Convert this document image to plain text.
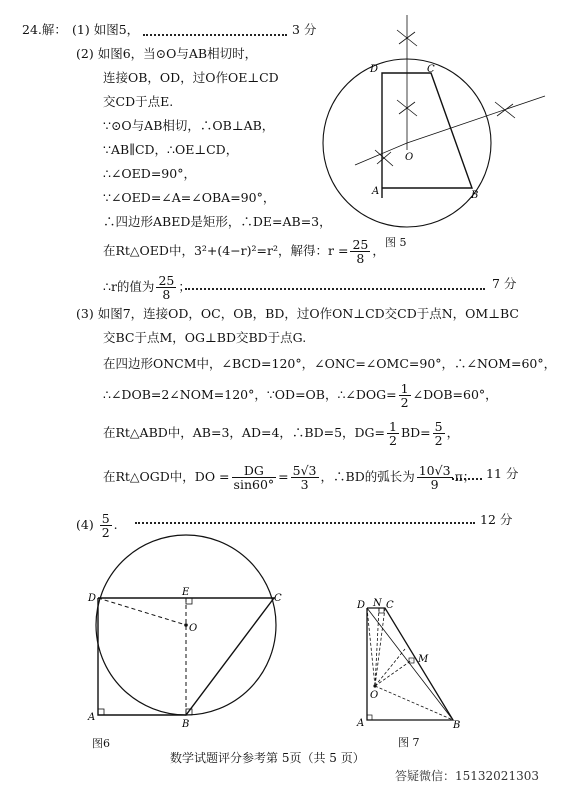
24.解： (1) 如图5，	3 分
(2) 如图6，当⊙O与AB相切时，
连接OB，OD，过O作OE⊥CD
交CD于点E.
∵⊙O与AB相切，∴OB⊥AB，
∵AB∥CD，∴OE⊥CD，
∴∠OED=90°，
∵∠OED=∠A=∠OBA=90°，
∴四边形ABED是矩形，∴DE=AB=3，
在Rt△OED中，3²+(4−r)²=r²，解得：$r = \frac{25}{8}$ ，
∴r的值为 $\frac{25}{8}$ ；	7 分
D	C
O
A	B
图 5
(3) 如图7，连接OD，OC，OB，BD，过O作ON⊥CD交CD于点N，OM⊥BC
交BC于点M，OG⊥BD交BD于点G.
在四边形ONCM中，∠BCD=120°，∠ONC=∠OMC=90°，∴∠NOM=60°，
∴∠DOB=2∠NOM=120°，∵OD=OB，∴∠DOG= $\frac{1}{2}$ ∠DOB=60°，
在Rt△ABD中，AB=3，AD=4，∴BD=5，$DG= \frac{1}{2} BD= \frac{5}{2}$ ，
在Rt△OGD中，DO = $\frac{DG}{\sin 60^\circ} = \frac{5√3}{3}$ ，∴BD的弧长为 $\frac{10√3}{9}$ π； 11 分
$(4) \frac{5}{2}$ .	12 分
D
E
C
O
A
B
图6
D N C
M
O
A	B
图 7
数学试题评分参考第 5页（共 5 页）
答疑微信：15132021303
